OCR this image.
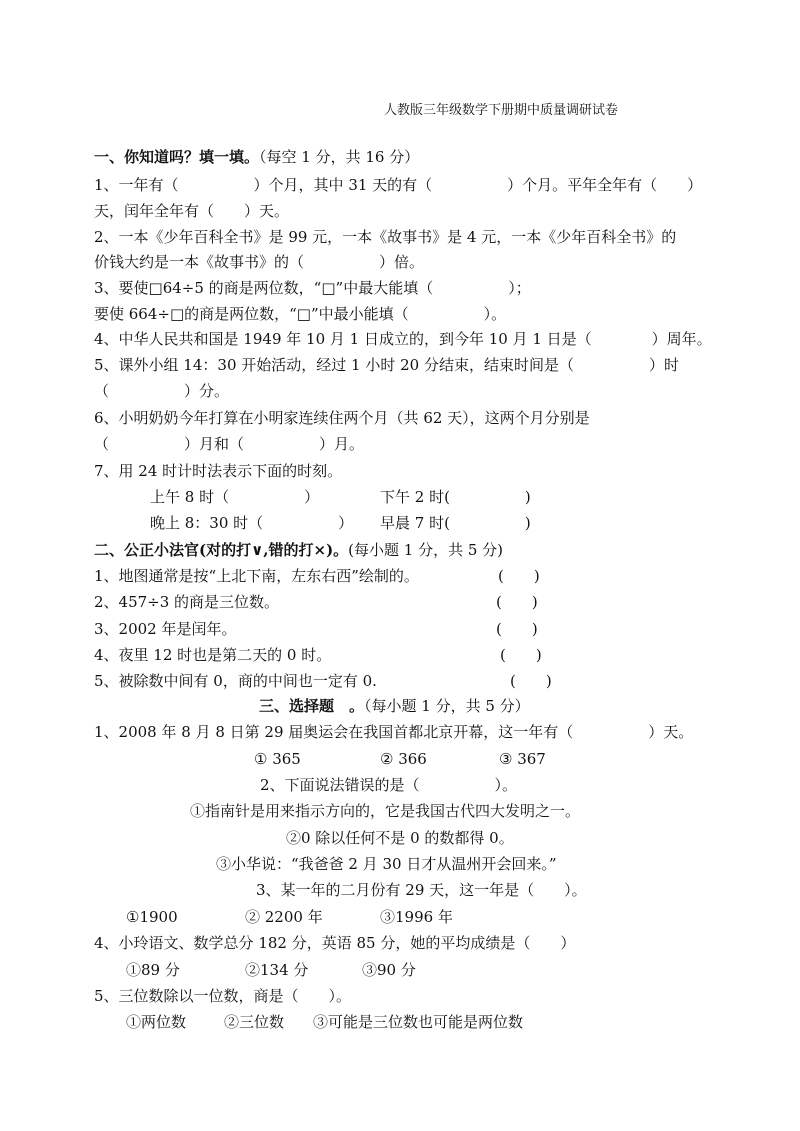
人教版三年级数学下册期中质量调研试卷
一、你知道吗？填一填。（每空 1 分，共 16 分）
1、一年有（　　　　　）个月，其中 31 天的有（　　　　　）个月。平年全年有（　　）
天，闰年全年有（　　）天。
2、一本《少年百科全书》是 99 元，一本《故事书》是 4 元，一本《少年百科全书》的
价钱大约是一本《故事书》的（　　　　　）倍。
3、要使□64÷5 的商是两位数，“□”中最大能填（　　　　　）；
要使 664÷□的商是两位数，“□”中最小能填（　　　　　）。
4、中华人民共和国是 1949 年 10 月 1 日成立的，到今年 10 月 1 日是（　　　　）周年。
5、课外小组 14：30 开始活动，经过 1 小时 20 分结束，结束时间是（　　　　　）时
（　　　　　）分。
6、小明奶奶今年打算在小明家连续住两个月（共 62 天），这两个月分别是
（　　　　　）月和（　　　　　）月。
7、用 24 时计时法表示下面的时刻。
上午 8 时（　　　　　）	下午 2 时(　　　　　)
晚上 8：30 时（　　　　　） 早晨 7 时(　　　　　)
二、公正小法官(对的打∨,错的打×)。(每小题 1 分，共 5 分)
1、地图通常是按“上北下南，左东右西”绘制的。	(　　)
2、457÷3 的商是三位数。	(　　)
3、2002 年是闰年。	(　　)
4、夜里 12 时也是第二天的 0 时。	(　　)
5、被除数中间有 0，商的中间也一定有 0.	(　　)
三、选择题　。（每小题 1 分，共 5 分）
1、2008 年 8 月 8 日第 29 届奥运会在我国首都北京开幕，这一年有（　　　　　）天。
① 365	② 366	③ 367
2、下面说法错误的是（　　　　　）。
①指南针是用来指示方向的，它是我国古代四大发明之一。
②0 除以任何不是 0 的数都得 0。
③小华说：“我爸爸 2 月 30 日才从温州开会回来。”
3、某一年的二月份有 29 天，这一年是（　　）。
①1900	② 2200 年	③1996 年
4、小玲语文、数学总分 182 分，英语 85 分，她的平均成绩是（　　）
①89 分	②134 分	③90 分
5、三位数除以一位数，商是（　　）。
①两位数	②三位数 ③可能是三位数也可能是两位数
